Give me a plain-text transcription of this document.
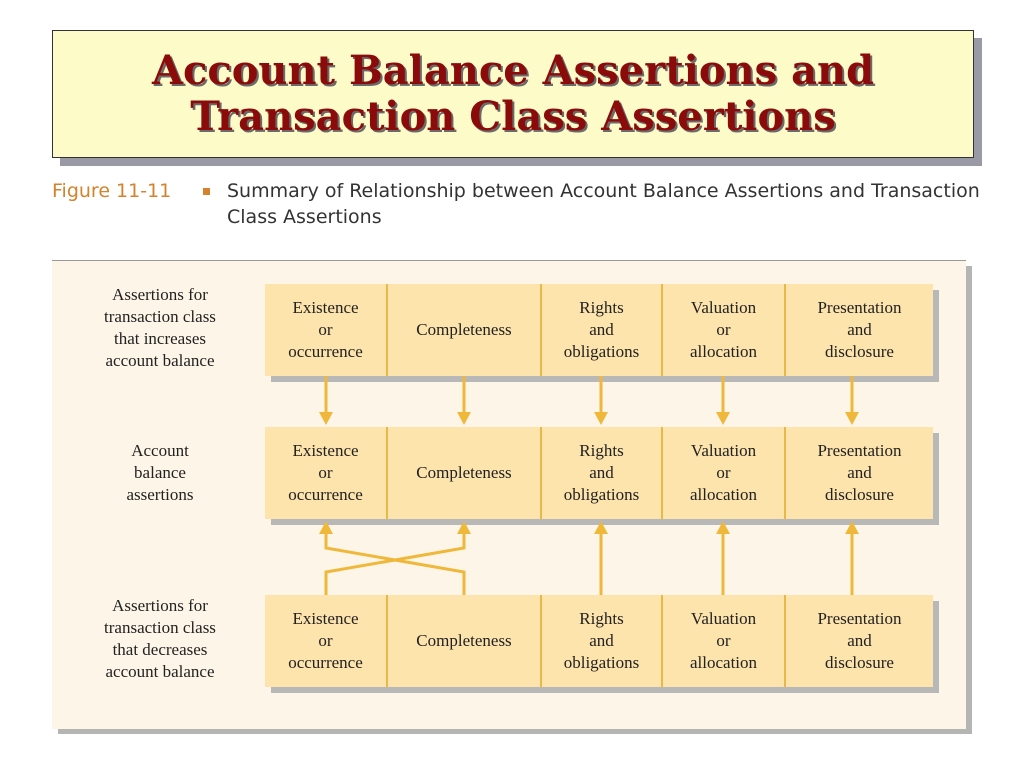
Account Balance Assertions and
Transaction Class Assertions
Figure 11-11	Summary of Relationship between Account Balance Assertions and Transaction Class Assertions
Assertions for
transaction class
that increases
account balance
Account
balance
assertions
Assertions for
transaction class
that decreases
account balance
Existence
or
occurrence
Completeness
Rights
and
obligations
Valuation
or
allocation
Presentation
and
disclosure
Existence
or
occurrence
Completeness
Rights
and
obligations
Valuation
or
allocation
Presentation
and
disclosure
Existence
or
occurrence
Completeness
Rights
and
obligations
Valuation
or
allocation
Presentation
and
disclosure
